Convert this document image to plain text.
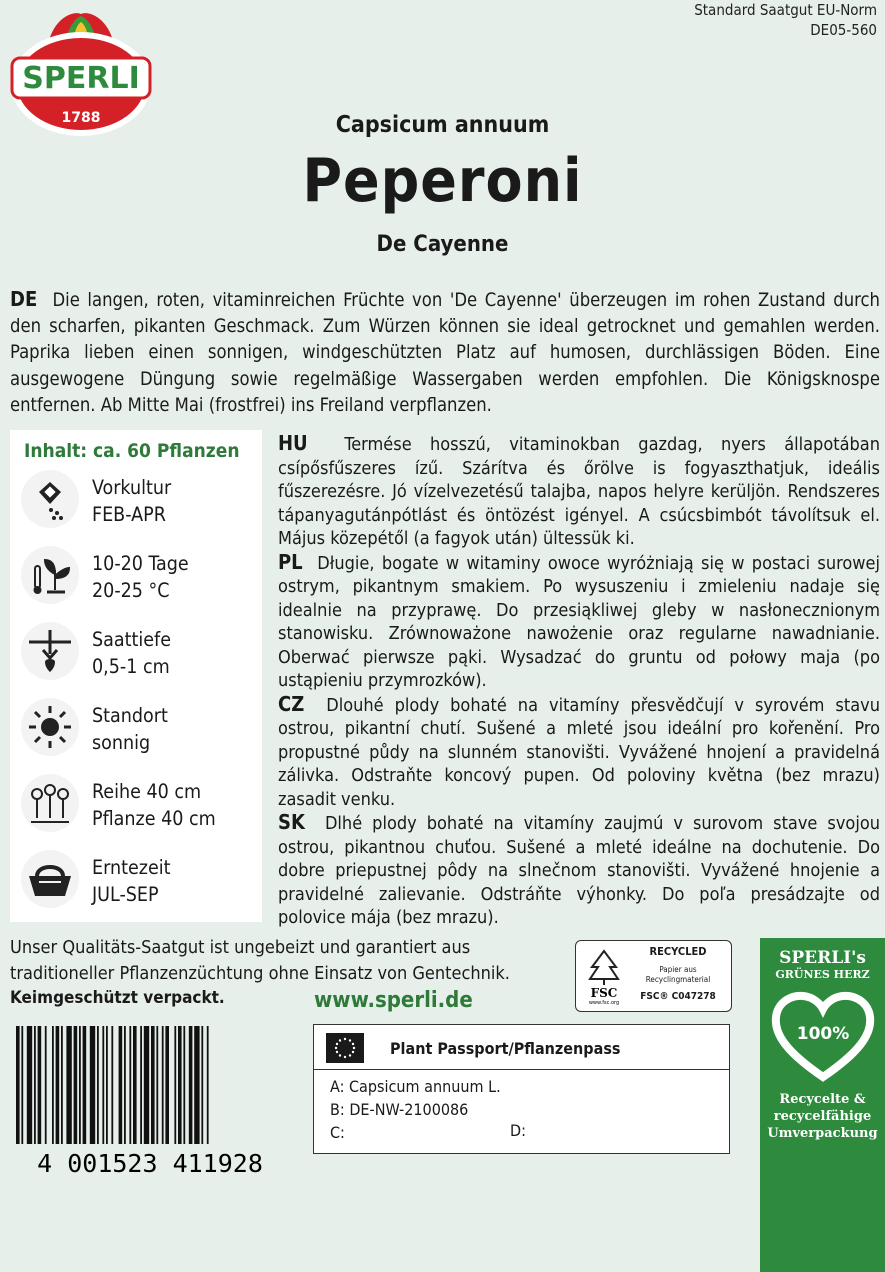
Standard Saatgut EU-Norm
DE05-560
SPERLI
1788	Capsicum annuum
Peperoni
De Cayenne
DE Die langen, roten, vitaminreichen Früchte von 'De Cayenne' überzeugen im rohen Zustand durch den scharfen, pikanten Geschmack. Zum Würzen können sie ideal getrocknet und gemahlen werden. Paprika lieben einen sonnigen, windgeschützten Platz auf humosen, durchlässigen Böden. Eine ausgewogene Düngung sowie regelmäßige Wassergaben werden empfohlen. Die Königsknospe entfernen. Ab Mitte Mai (frostfrei) ins Freiland verpflanzen.
Inhalt: ca. 60 Pflanzen
Vorkultur
FEB-APR
10-20 Tage
20-25 °C
Saattiefe
0,5-1 cm
Standort
sonnig
Reihe 40 cm
Pflanze 40 cm
Erntezeit
JUL-SEP

HU Termése hosszú, vitaminokban gazdag, nyers állapotában csípősfűszeres ízű. Szárítva és őrölve is fogyaszthatjuk, ideális fűszerezésre. Jó vízelvezetésű talajba, napos helyre kerüljön. Rendszeres tápanyagutánpótlást és öntözést igényel. A csúcsbimbót távolítsuk el. Május közepétől (a fagyok után) ültessük ki.

PL Długie, bogate w witaminy owoce wyróżniają się w postaci surowej ostrym, pikantnym smakiem. Po wysuszeniu i zmieleniu nadaje się idealnie na przyprawę. Do przesiąkliwej gleby w nasłonecznionym stanowisku. Zrównoważone nawożenie oraz regularne nawadnianie. Oberwać pierwsze pąki. Wysadzać do gruntu od połowy maja (po ustąpieniu przymrozków).

CZ Dlouhé plody bohaté na vitamíny přesvědčují v syrovém stavu ostrou, pikantní chutí. Sušené a mleté jsou ideální pro kořenění. Pro propustné půdy na slunném stanovišti. Vyvážené hnojení a pravidelná zálivka. Odstraňte koncový pupen. Od poloviny května (bez mrazu) zasadit venku.

SK Dlhé plody bohaté na vitamíny zaujmú v surovom stave svojou ostrou, pikantnou chuťou. Sušené a mleté ideálne na dochutenie. Do dobre priepustnej pôdy na slnečnom stanovišti. Vyvážené hnojenie a pravidelné zalievanie. Odstráňte výhonky. Do poľa presádzajte od polovice mája (bez mrazu).

Unser Qualitäts-Saatgut ist ungebeizt und garantiert aus traditioneller Pflanzenzüchtung ohne Einsatz von Gentechnik.
Keimgeschützt verpackt.	www.sperli.de	FSC
www.fsc.org
RECYCLED
Papier aus
Recyclingmaterial
FSC® C047278
Plant Passport/Pflanzenpass
A: Capsicum annuum L.
B: DE-NW-2100086
C:	D:
4 001523 411928
SPERLI's
GRÜNES HERZ
100%
Recycelte & recycelfähige Umverpackung
